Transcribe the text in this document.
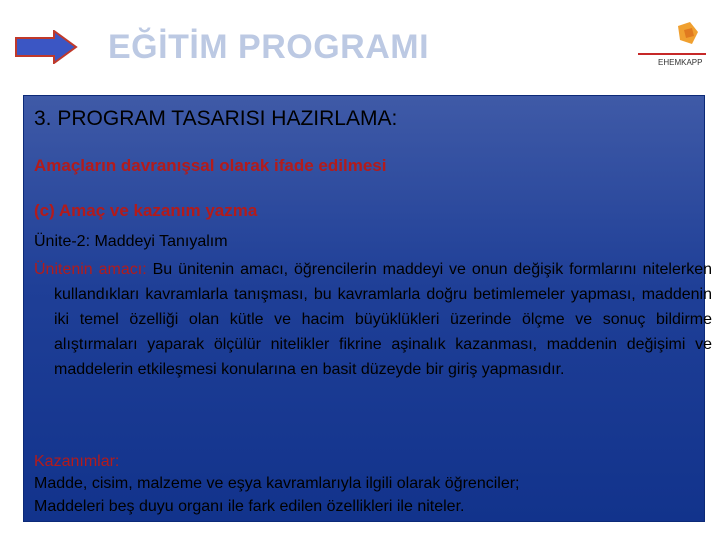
EĞİTİM PROGRAMI	EHEMKAPP
3. PROGRAM TASARISI HAZIRLAMA:
Amaçların davranışsal olarak ifade edilmesi
(c) Amaç ve kazanım yazma
Ünite-2: Maddeyi Tanıyalım

Ünitenin amacı: Bu ünitenin amacı, öğrencilerin maddeyi ve onun değişik formlarını nitelerken kullandıkları kavramlarla tanışması, bu kavramlarla doğru betimlemeler yapması, maddenin iki temel özelliği olan kütle ve hacim büyüklükleri üzerinde ölçme ve sonuç bildirme alıştırmaları yaparak ölçülür nitelikler fikrine aşinalık kazanması, maddenin değişimi ve maddelerin etkileşmesi konularına en basit düzeyde bir giriş yapmasıdır.

Kazanımlar:
Madde, cisim, malzeme ve eşya kavramlarıyla ilgili olarak öğrenciler;
Maddeleri beş duyu organı ile fark edilen özellikleri ile niteler.
